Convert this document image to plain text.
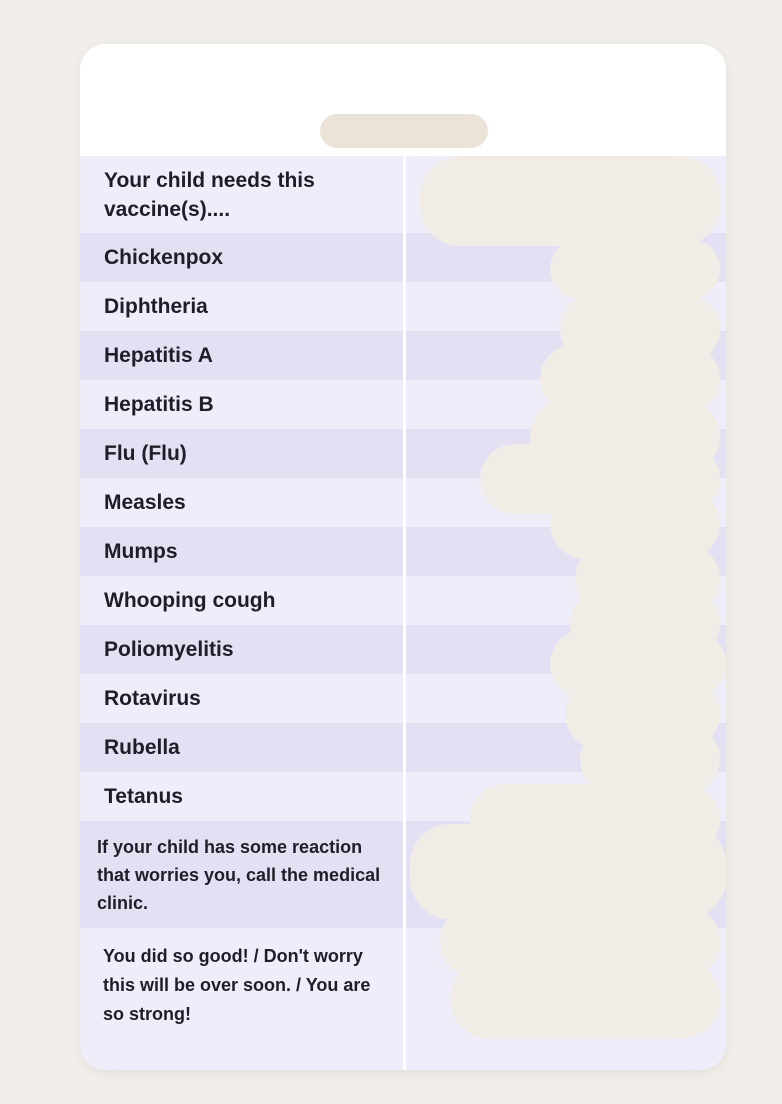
Your child needs this vaccine(s)....
Chickenpox
Diphtheria
Hepatitis A
Hepatitis B
Flu (Flu)
Measles
Mumps
Whooping cough
Poliomyelitis
Rotavirus
Rubella
Tetanus
If your child has some reaction that worries you, call the medical clinic.
You did so good! / Don't worry this will be over soon. / You are so strong!
